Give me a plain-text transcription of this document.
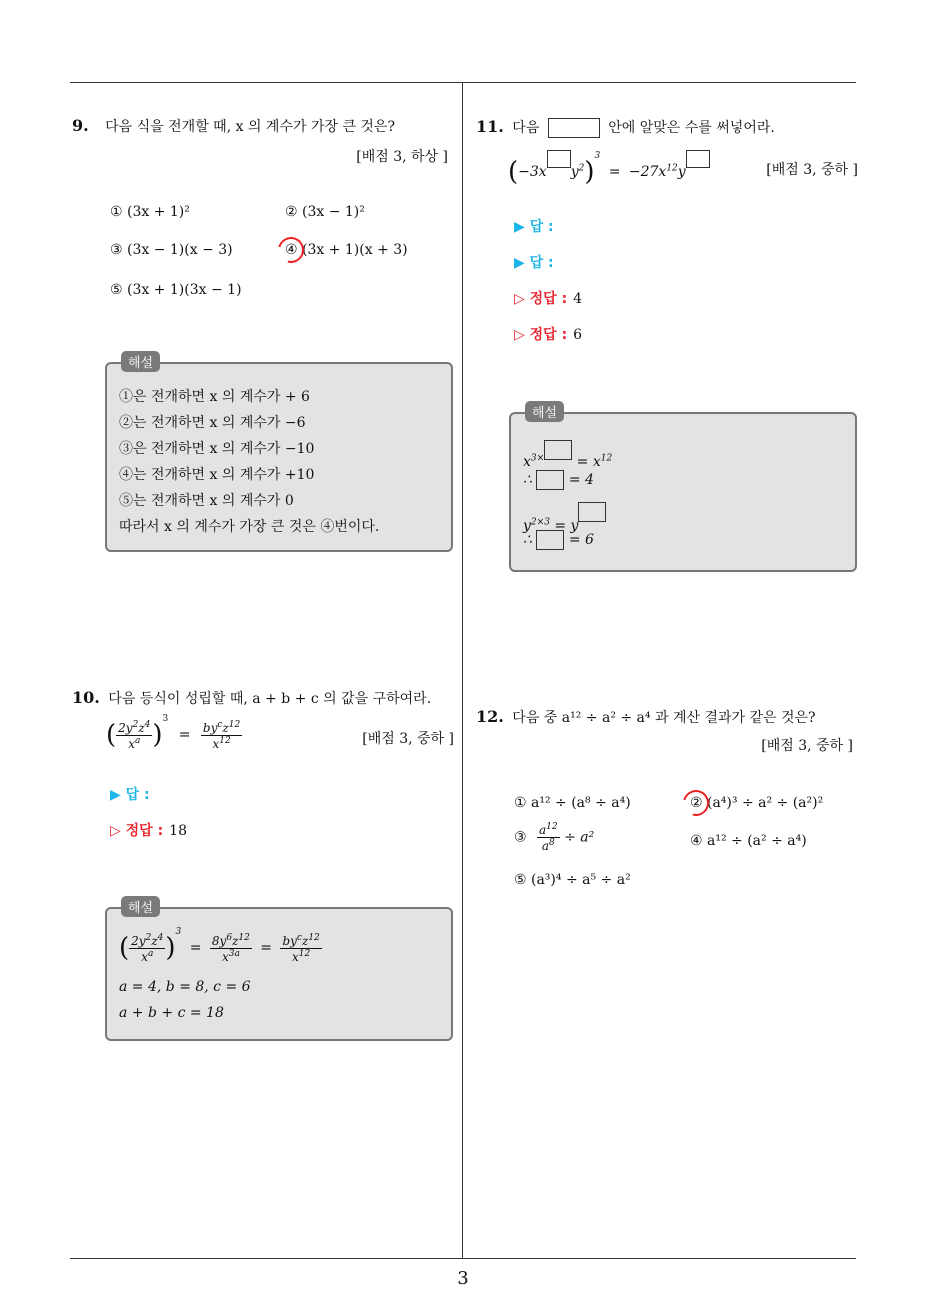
9. 다음 식을 전개할 때, x 의 계수가 가장 큰 것은?
[배점 3, 하상 ]
① (3x + 1)²	② (3x − 1)²
③ (3x − 1)(x − 3)	④ (3x + 1)(x + 3)
⑤ (3x + 1)(3x − 1)
해설
①은 전개하면 x 의 계수가 + 6
②는 전개하면 x 의 계수가 −6
③은 전개하면 x 의 계수가 −10
④는 전개하면 x 의 계수가 +10
⑤는 전개하면 x 의 계수가 0
따라서 x 의 계수가 가장 큰 것은 ④번이다.
10. 다음 등식이 성립할 때, a + b + c 의 값을 구하여라.
( $\frac{2y^2z^4}{x^a} )^3 = \frac{by^cz^{12}}{x^{12}}$	[배점 3, 중하 ]
▶ 답 :
▷ 정답 : 18
해설
( $\frac{2y^2z^4}{x^a} )^3 = \frac{8y^6z^{12}}{x^{3a}} = \frac{by^cz^{12}}{x^{12}}$
a = 4, b = 8, c = 6
a + b + c = 18
11. 다음	안에 알맞은 수를 써넣어라.
(−3x $y^2)^3 = -27x^{12}y$	[배점 3, 중하 ]
▶ 답 :
▶ 답 :
▷ 정답 : 4
▷ 정답 : 6
해설
$x^{3\times} = x^{12}$
∴  = 4
$y^{2\times 3} = y$
∴  = 6
12. 다음 중 a¹² ÷ a² ÷ a⁴ 과 계산 결과가 같은 것은?
[배점 3, 중하 ]
① a¹² ÷ (a⁸ ÷ a⁴)	② (a⁴)³ ÷ a² ÷ (a²)²
③ $\frac{a^{12}}{a^8} \div a^2$	④ a¹² ÷ (a² ÷ a⁴)
⑤ (a³)⁴ ÷ a⁵ ÷ a²
3
